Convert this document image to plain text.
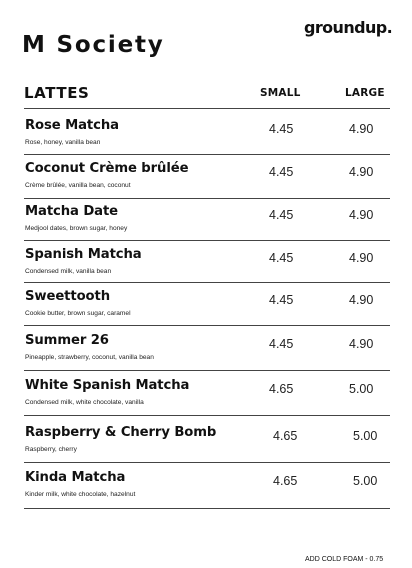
groundup.
M Society
LATTES	SMALL	LARGE
Rose Matcha
Rose, honey, vanilla bean
4.45	4.90
Coconut Crème brûlée
Crème brûlée, vanilla bean, coconut
4.45	4.90
Matcha Date
Medjool dates, brown sugar, honey
4.45	4.90
Spanish Matcha
Condensed milk, vanilla bean
4.45	4.90
Sweettooth
Cookie butter, brown sugar, caramel
4.45	4.90
Summer 26
Pineapple, strawberry, coconut, vanilla bean
4.45	4.90
White Spanish Matcha
Condensed milk, white chocolate, vanilla
4.65	5.00
Raspberry & Cherry Bomb
Raspberry, cherry
4.65	5.00
Kinda Matcha
Kinder milk, white chocolate, hazelnut
4.65	5.00
ADD COLD FOAM - 0.75
